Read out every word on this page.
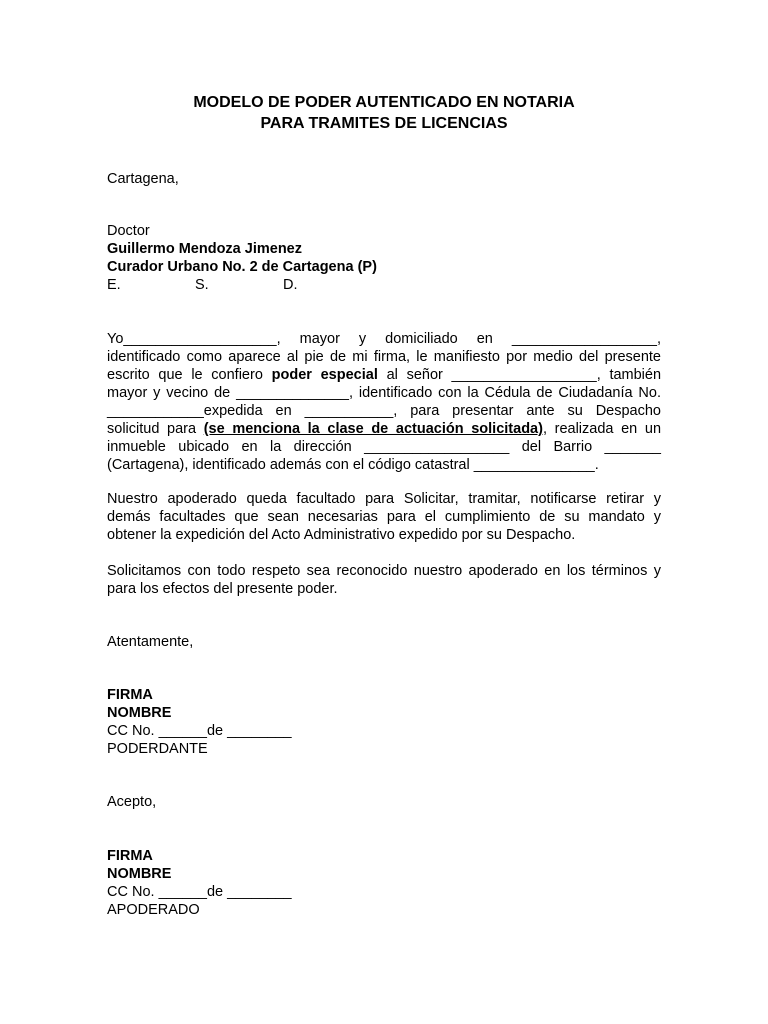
MODELO DE PODER AUTENTICADO EN NOTARIA
PARA TRAMITES DE LICENCIAS
Cartagena,
Doctor
Guillermo Mendoza Jimenez
Curador Urbano No. 2 de Cartagena (P)
E.	S.	D.
Yo___________________, mayor y domiciliado en __________________,
identificado como aparece al pie de mi firma, le manifiesto por medio del presente
escrito que le confiero poder especial al señor __________________, también
mayor y vecino de ______________, identificado con la Cédula de Ciudadanía No.
____________expedida en ___________, para presentar ante su Despacho
solicitud para (se menciona la clase de actuación solicitada), realizada en un
inmueble ubicado en la dirección __________________ del Barrio _______
(Cartagena), identificado además con el código catastral _______________.
Nuestro apoderado queda facultado para Solicitar, tramitar, notificarse retirar y
demás facultades que sean necesarias para el cumplimiento de su mandato y
obtener la expedición del Acto Administrativo expedido por su Despacho.
Solicitamos con todo respeto sea reconocido nuestro apoderado en los términos y
para los efectos del presente poder.
Atentamente,
FIRMA
NOMBRE
CC No. ______de ________
PODERDANTE
Acepto,
FIRMA
NOMBRE
CC No. ______de ________
APODERADO
